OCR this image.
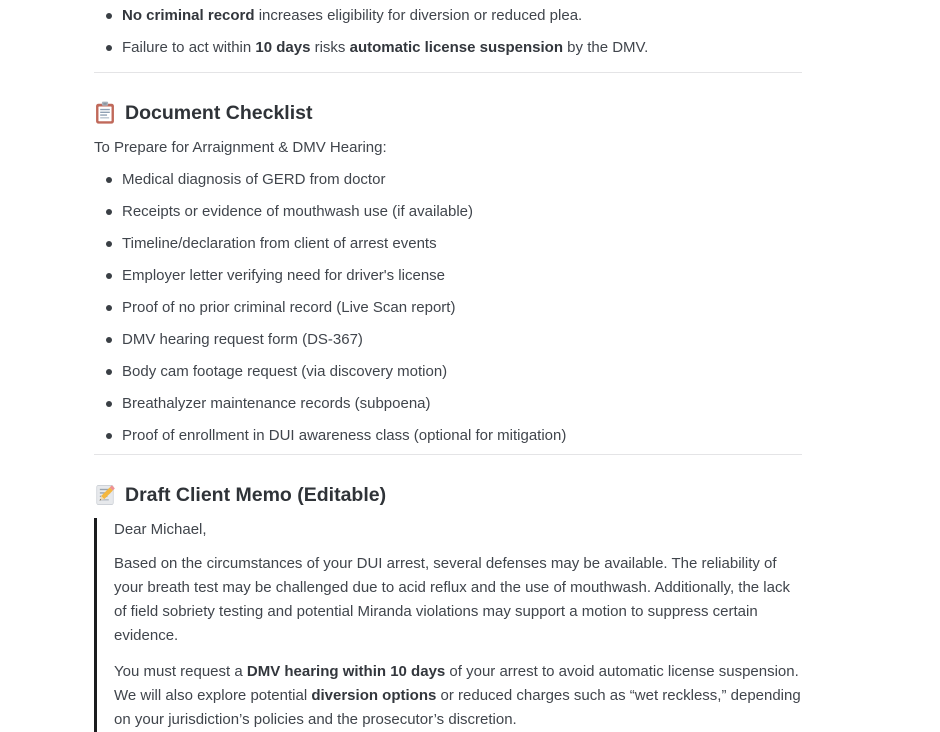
No criminal record increases eligibility for diversion or reduced plea.
Failure to act within 10 days risks automatic license suspension by the DMV.
Document Checklist

To Prepare for Arraignment & DMV Hearing:

Medical diagnosis of GERD from doctor
Receipts or evidence of mouthwash use (if available)
Timeline/declaration from client of arrest events
Employer letter verifying need for driver's license
Proof of no prior criminal record (Live Scan report)
DMV hearing request form (DS-367)
Body cam footage request (via discovery motion)
Breathalyzer maintenance records (subpoena)
Proof of enrollment in DUI awareness class (optional for mitigation)
Draft Client Memo (Editable)

Dear Michael,

Based on the circumstances of your DUI arrest, several defenses may be available. The reliability of your breath test may be challenged due to acid reflux and the use of mouthwash. Additionally, the lack of field sobriety testing and potential Miranda violations may support a motion to suppress certain evidence.

You must request a DMV hearing within 10 days of your arrest to avoid automatic license suspension. We will also explore potential diversion options or reduced charges such as “wet reckless,” depending on your jurisdiction’s policies and the prosecutor’s discretion.
